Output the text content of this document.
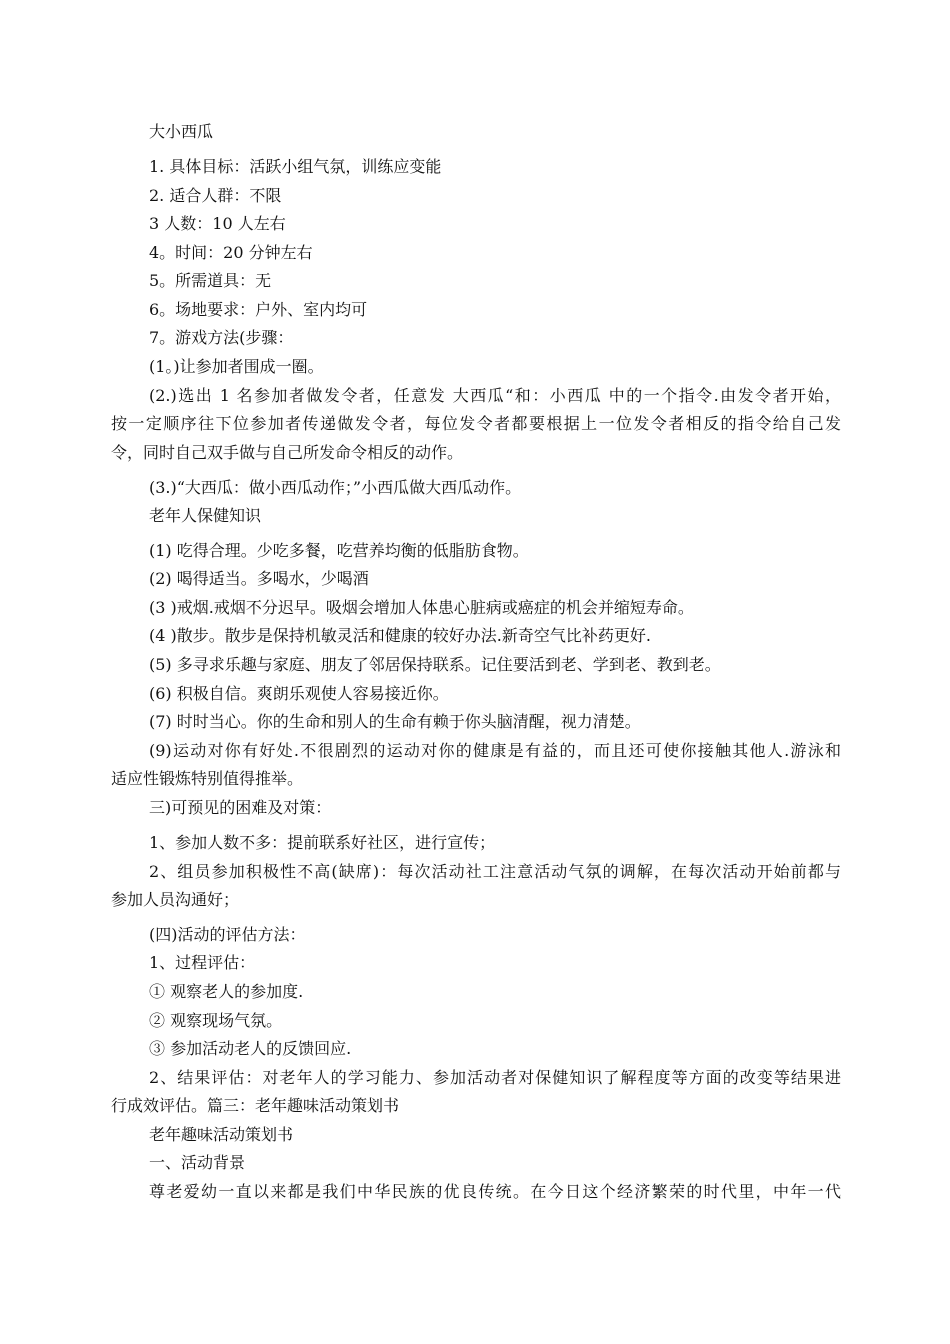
大小西瓜
1. 具体目标：活跃小组气氛，训练应变能
2. 适合人群：不限
3 人数：10 人左右
4。时间：20 分钟左右
5。所需道具：无
6。场地要求：户外、室内均可
7。游戏方法(步骤：
(1。)让参加者围成一圈。
(2.)选出 1 名参加者做发令者，任意发 大西瓜“和：小西瓜 中的一个指令.由发令者开始，
按一定顺序往下位参加者传递做发令者，每位发令者都要根据上一位发令者相反的指令给自己发
令，同时自己双手做与自己所发命令相反的动作。
(3.)“大西瓜：做小西瓜动作；”小西瓜做大西瓜动作。
老年人保健知识
(1) 吃得合理。少吃多餐，吃营养均衡的低脂肪食物。
(2) 喝得适当。多喝水，少喝酒
(3 )戒烟.戒烟不分迟早。吸烟会增加人体患心脏病或癌症的机会并缩短寿命。
(4 )散步。散步是保持机敏灵活和健康的较好办法.新奇空气比补药更好.
(5) 多寻求乐趣与家庭、朋友了邻居保持联系。记住要活到老、学到老、教到老。
(6) 积极自信。爽朗乐观使人容易接近你。
(7) 时时当心。你的生命和别人的生命有赖于你头脑清醒，视力清楚。
(9)运动对你有好处.不很剧烈的运动对你的健康是有益的，而且还可使你接触其他人.游泳和
适应性锻炼特别值得推举。
三)可预见的困难及对策：
1、参加人数不多：提前联系好社区，进行宣传；
2、组员参加积极性不高(缺席)：每次活动社工注意活动气氛的调解，在每次活动开始前都与
参加人员沟通好；
(四)活动的评估方法：
1、过程评估：
① 观察老人的参加度.
② 观察现场气氛。
③ 参加活动老人的反馈回应.
2、结果评估：对老年人的学习能力、参加活动者对保健知识了解程度等方面的改变等结果进
行成效评估。篇三：老年趣味活动策划书
老年趣味活动策划书
一、活动背景
尊老爱幼一直以来都是我们中华民族的优良传统。在今日这个经济繁荣的时代里，中年一代
